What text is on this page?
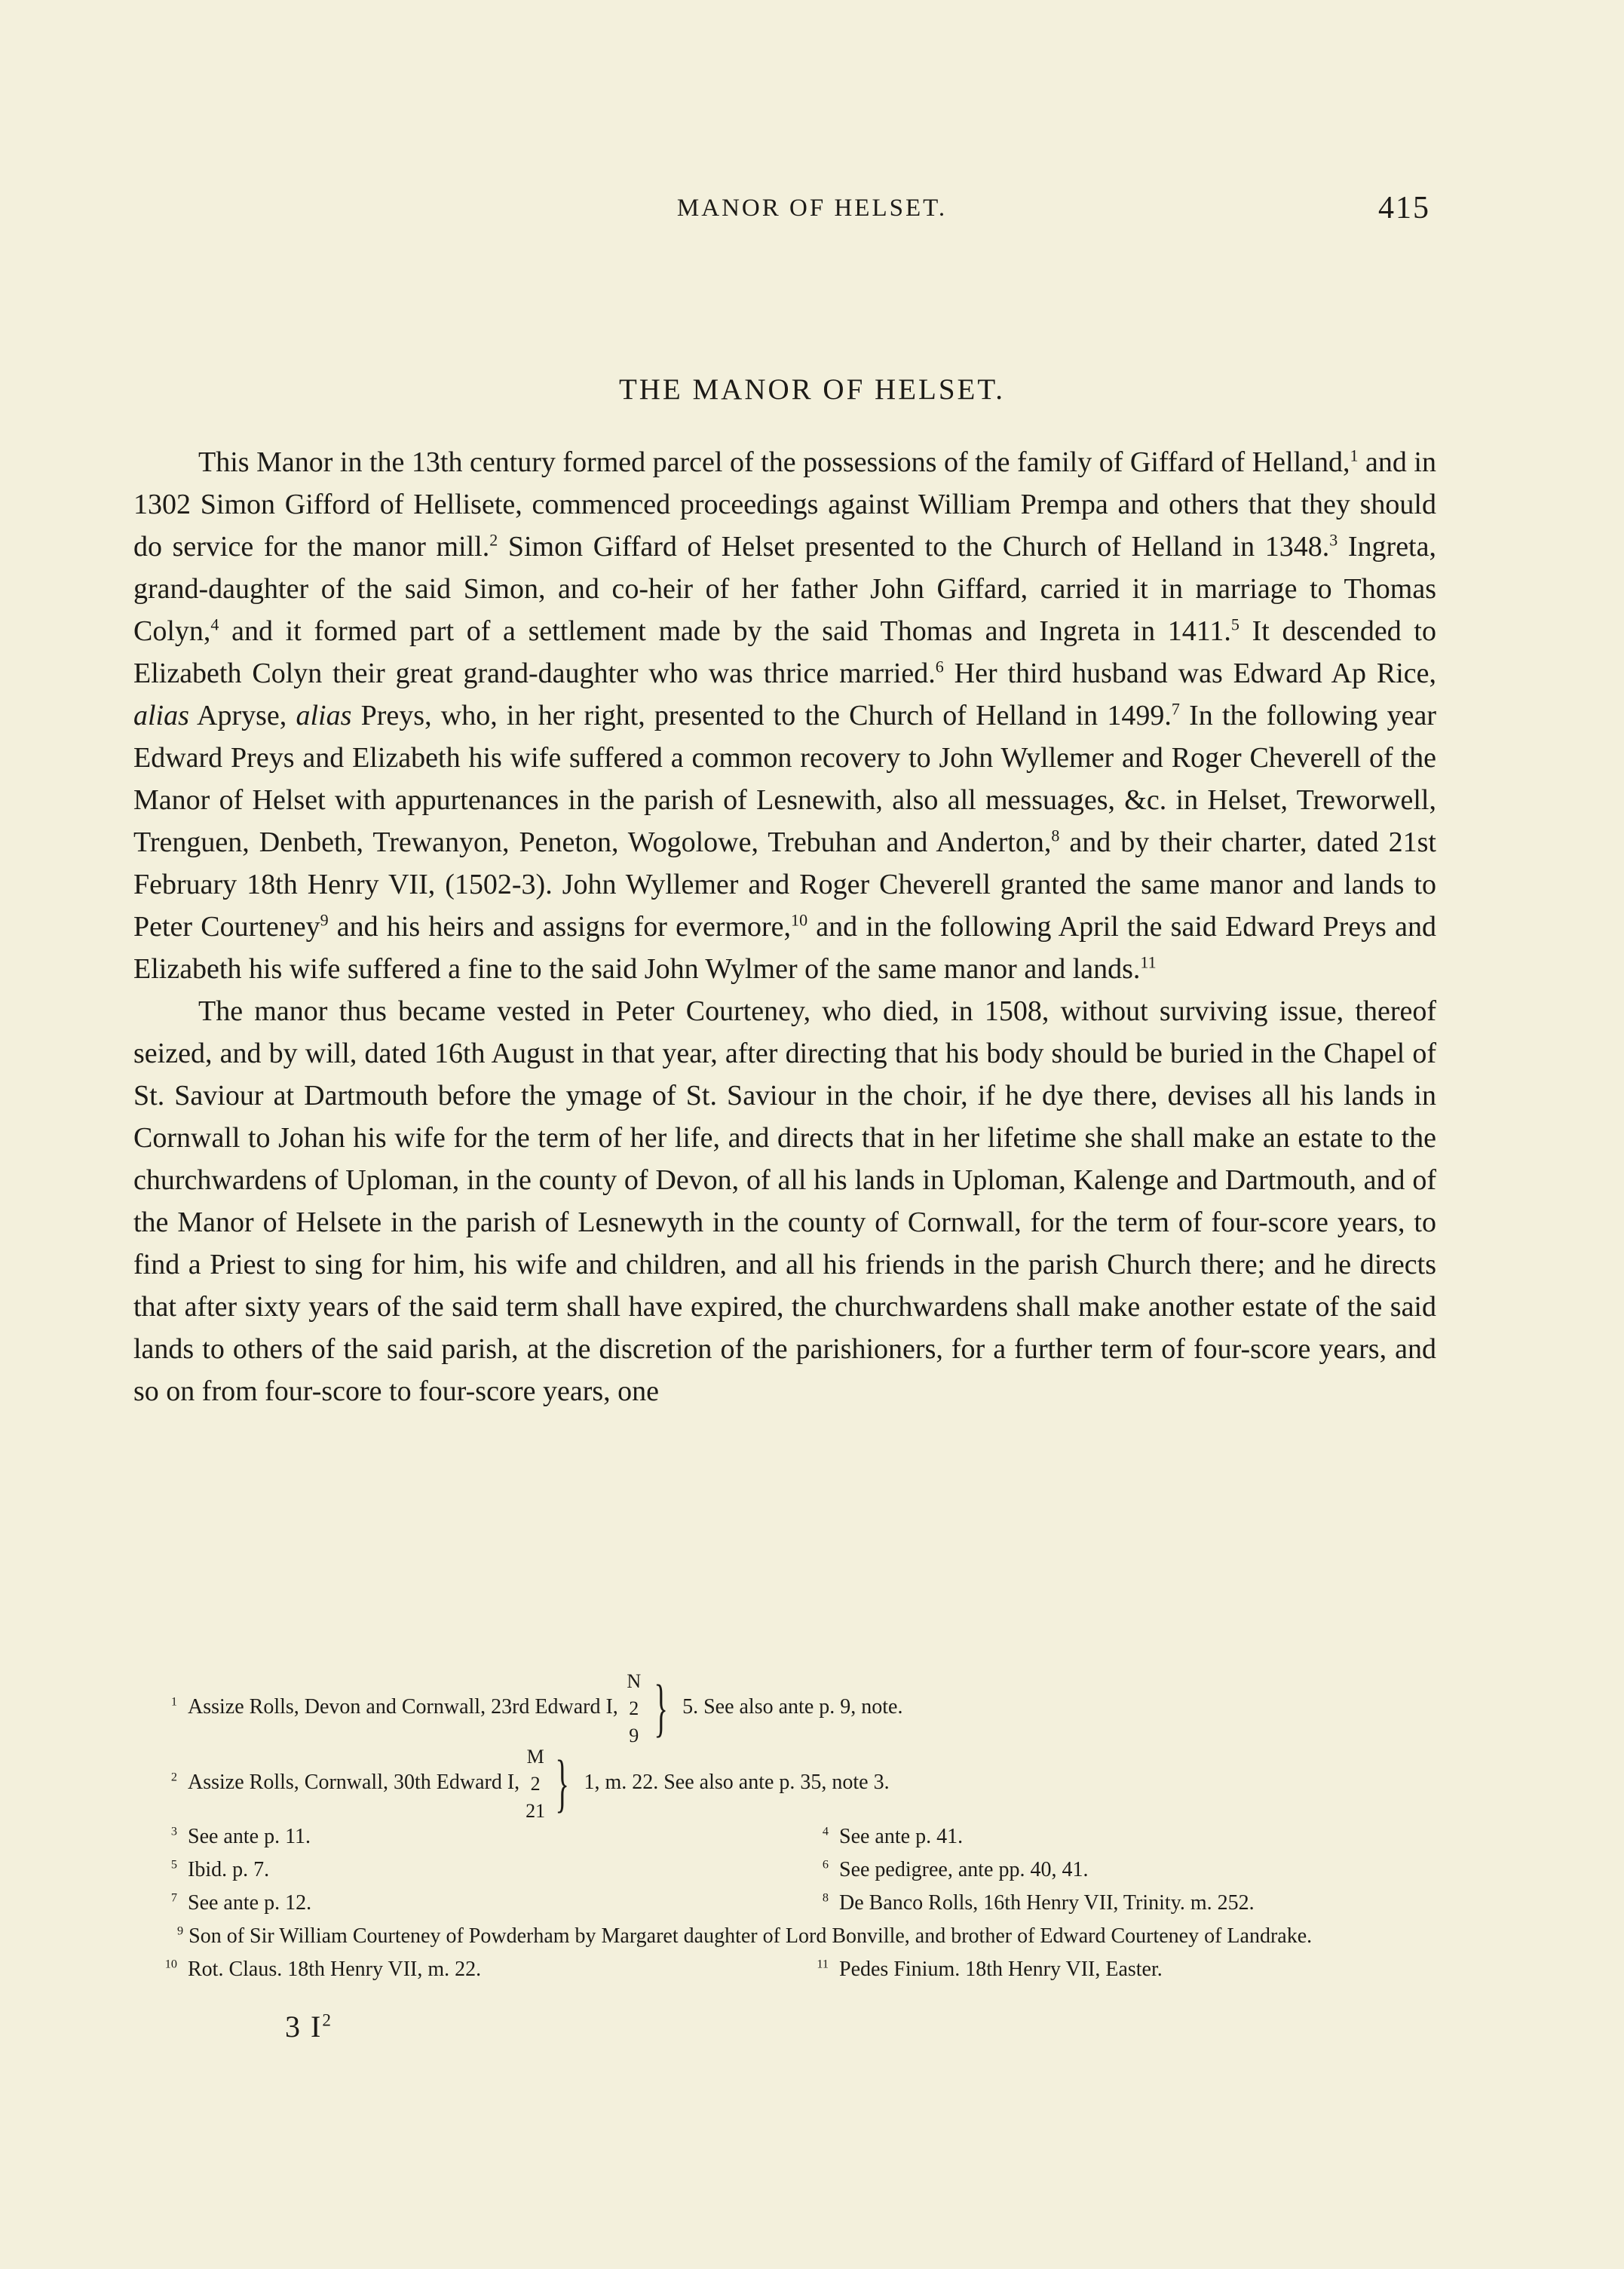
MANOR OF HELSET.	415
THE MANOR OF HELSET.

This Manor in the 13th century formed parcel of the possessions of the family of Giffard of Helland,$^1$ and in 1302 Simon Gifford of Hellisete, commenced proceedings against William Prempa and others that they should do service for the manor mill.$^2$ Simon Giffard of Helset presented to the Church of Helland in 1348.$^3$ Ingreta, grand-daughter of the said Simon, and co-heir of her father John Giffard, carried it in marriage to Thomas Colyn,$^4$ and it formed part of a settlement made by the said Thomas and Ingreta in 1411.$^5$ It descended to Elizabeth Colyn their great grand-daughter who was thrice married.$^6$ Her third husband was Edward Ap Rice, alias Apryse, alias Preys, who, in her right, presented to the Church of Helland in 1499.$^7$ In the following year Edward Preys and Elizabeth his wife suffered a common recovery to John Wyllemer and Roger Cheverell of the Manor of Helset with appurtenances in the parish of Lesnewith, also all messuages, &c. in Helset, Treworwell, Trenguen, Denbeth, Trewanyon, Peneton, Wogolowe, Trebuhan and Anderton,$^8$ and by their charter, dated 21st February 18th Henry VII, (1502-3). John Wyllemer and Roger Cheverell granted the same manor and lands to Peter Courteney$^9$ and his heirs and assigns for evermore,$^{10}$ and in the following April the said Edward Preys and Elizabeth his wife suffered a fine to the said John Wylmer of the same manor and lands.$^{11}$

The manor thus became vested in Peter Courteney, who died, in 1508, without surviving issue, thereof seized, and by will, dated 16th August in that year, after directing that his body should be buried in the Chapel of St. Saviour at Dartmouth before the ymage of St. Saviour in the choir, if he dye there, devises all his lands in Cornwall to Johan his wife for the term of her life, and directs that in her lifetime she shall make an estate to the churchwardens of Uploman, in the county of Devon, of all his lands in Uploman, Kalenge and Dartmouth, and of the Manor of Helsete in the parish of Lesnewyth in the county of Cornwall, for the term of four-score years, to find a Priest to sing for him, his wife and children, and all his friends in the parish Church there; and he directs that after sixty years of the said term shall have expired, the churchwardens shall make another estate of the said lands to others of the said parish, at the discretion of the parishioners, for a further term of four-score years, and so on from four-score to four-score years, one

$^1$ Assize Rolls, Devon and Cornwall, 23rd Edward I,
N
2
9 } 5. See also ante p. 9, note.
$^2$ Assize Rolls, Cornwall, 30th Edward I,
M
2
21 } 1, m. 22. See also ante p. 35, note 3.
$^3$ See ante p. 11.	$^4$ See ante p. 41.
$^5$ Ibid. p. 7.	$^6$ See pedigree, ante pp. 40, 41.
$^7$ See ante p. 12.	$^8$ De Banco Rolls, 16th Henry VII, Trinity. m. 252.
$^9$ Son of Sir William Courteney of Powderham by Margaret daughter of Lord Bonville, and brother of Edward Courteney of Landrake.
$^{10}$ Rot. Claus. 18th Henry VII, m. 22.	$^{11}$ Pedes Finium. 18th Henry VII, Easter.
3 $I^2$
